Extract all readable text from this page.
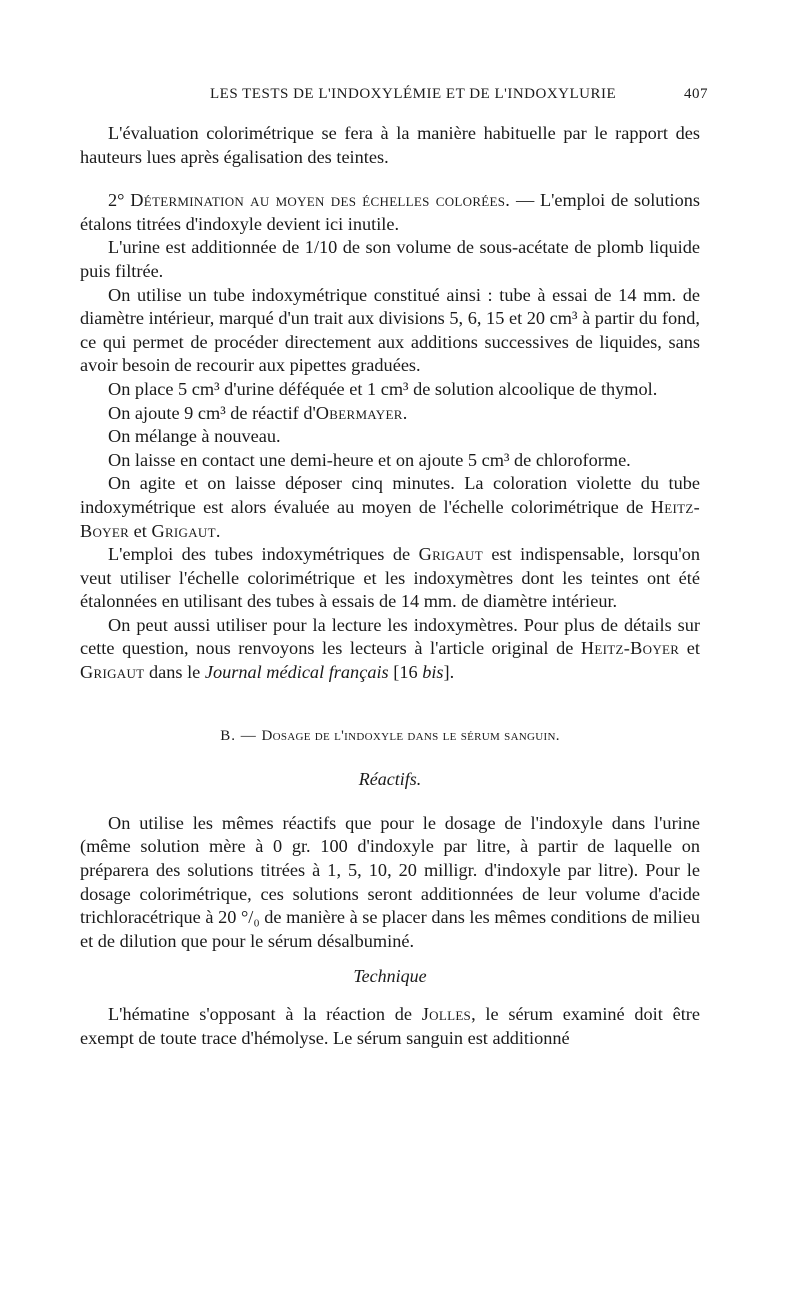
LES TESTS DE L'INDOXYLÉMIE ET DE L'INDOXYLURIE	407

L'évaluation colorimétrique se fera à la manière habituelle par le rapport des hauteurs lues après égalisation des teintes.

2° Détermination au moyen des échelles colorées. — L'emploi de solutions étalons titrées d'indoxyle devient ici inutile.

L'urine est additionnée de 1/10 de son volume de sous-acétate de plomb liquide puis filtrée.

On utilise un tube indoxymétrique constitué ainsi : tube à essai de 14 mm. de diamètre intérieur, marqué d'un trait aux divisions 5, 6, 15 et 20 cm³ à partir du fond, ce qui permet de procéder directement aux additions successives de liquides, sans avoir besoin de recourir aux pipettes graduées.

On place 5 cm³ d'urine déféquée et 1 cm³ de solution alcoolique de thymol.

On ajoute 9 cm³ de réactif d'Obermayer.

On mélange à nouveau.

On laisse en contact une demi-heure et on ajoute 5 cm³ de chloroforme.

On agite et on laisse déposer cinq minutes. La coloration violette du tube indoxymétrique est alors évaluée au moyen de l'échelle colorimétrique de Heitz-Boyer et Grigaut.

L'emploi des tubes indoxymétriques de Grigaut est indispensable, lorsqu'on veut utiliser l'échelle colorimétrique et les indoxymètres dont les teintes ont été étalonnées en utilisant des tubes à essais de 14 mm. de diamètre intérieur.

On peut aussi utiliser pour la lecture les indoxymètres. Pour plus de détails sur cette question, nous renvoyons les lecteurs à l'article original de Heitz-Boyer et Grigaut dans le Journal médical français [16 bis].

B. — Dosage de l'indoxyle dans le sérum sanguin.

Réactifs.

On utilise les mêmes réactifs que pour le dosage de l'indoxyle dans l'urine (même solution mère à 0 gr. 100 d'indoxyle par litre, à partir de laquelle on préparera des solutions titrées à 1, 5, 10, 20 milligr. d'indoxyle par litre). Pour le dosage colorimétrique, ces solutions seront additionnées de leur volume d'acide trichloracétrique à 20 °/₀ de manière à se placer dans les mêmes conditions de milieu et de dilution que pour le sérum désalbuminé.

Technique

L'hématine s'opposant à la réaction de Jolles, le sérum examiné doit être exempt de toute trace d'hémolyse. Le sérum sanguin est additionné
